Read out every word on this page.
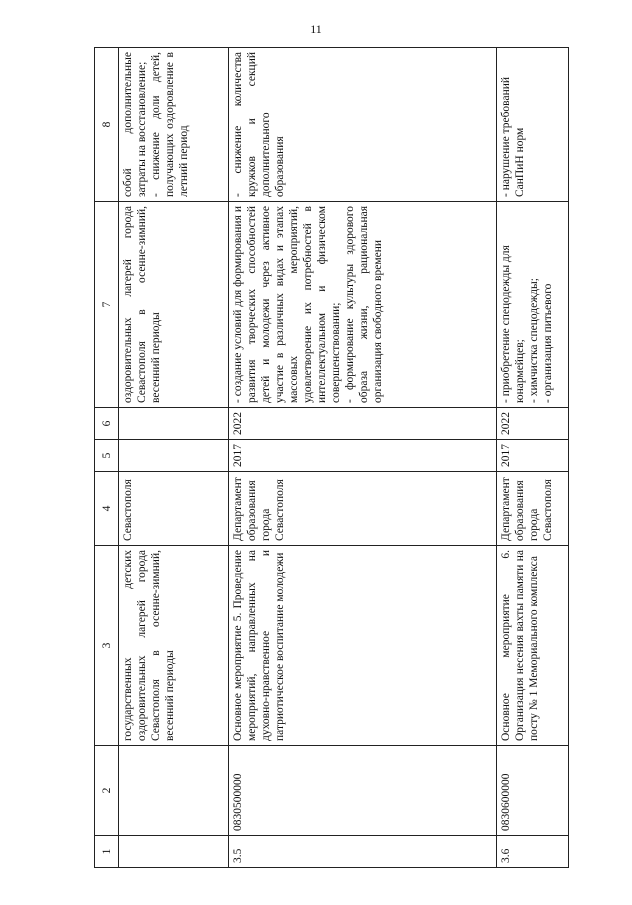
11
1	2	3	4	5	6	7	8
		государственных детских оздоровительных лагерей города Севастополя в осенне-зимний, весенний периоды	Севастополя			оздоровительных лагерей города Севастополя в осенне-зимний, весенний периоды	собой дополнительные затраты на восстановление;
- снижение доли детей, получающих оздоровление в летний период
3.5	0830500000	Основное мероприятие 5. Проведение мероприятий, направленных на духовно-нравственное и патриотическое воспитание молодежи	Департамент образования города Севастополя	2017	2022	- создание условий для формирования и развития творческих способностей детей и молодежи через активное участие в различных видах и этапах массовых мероприятий, удовлетворение их потребностей в интеллектуальном и физическом совершенствовании;
- формирование культуры здорового образа жизни, рациональная организация свободного времени	- снижение количества кружков и секций дополнительного образования
3.6	0830600000	Основное мероприятие 6. Организация несения вахты памяти на посту № 1 Мемориального комплекса	Департамент образования города Севастополя	2017	2022	- приобретение спецодежды для юнармейцев;
- химчистка спецодежды;
- организация питьевого	- нарушение требований СанПиН норм
